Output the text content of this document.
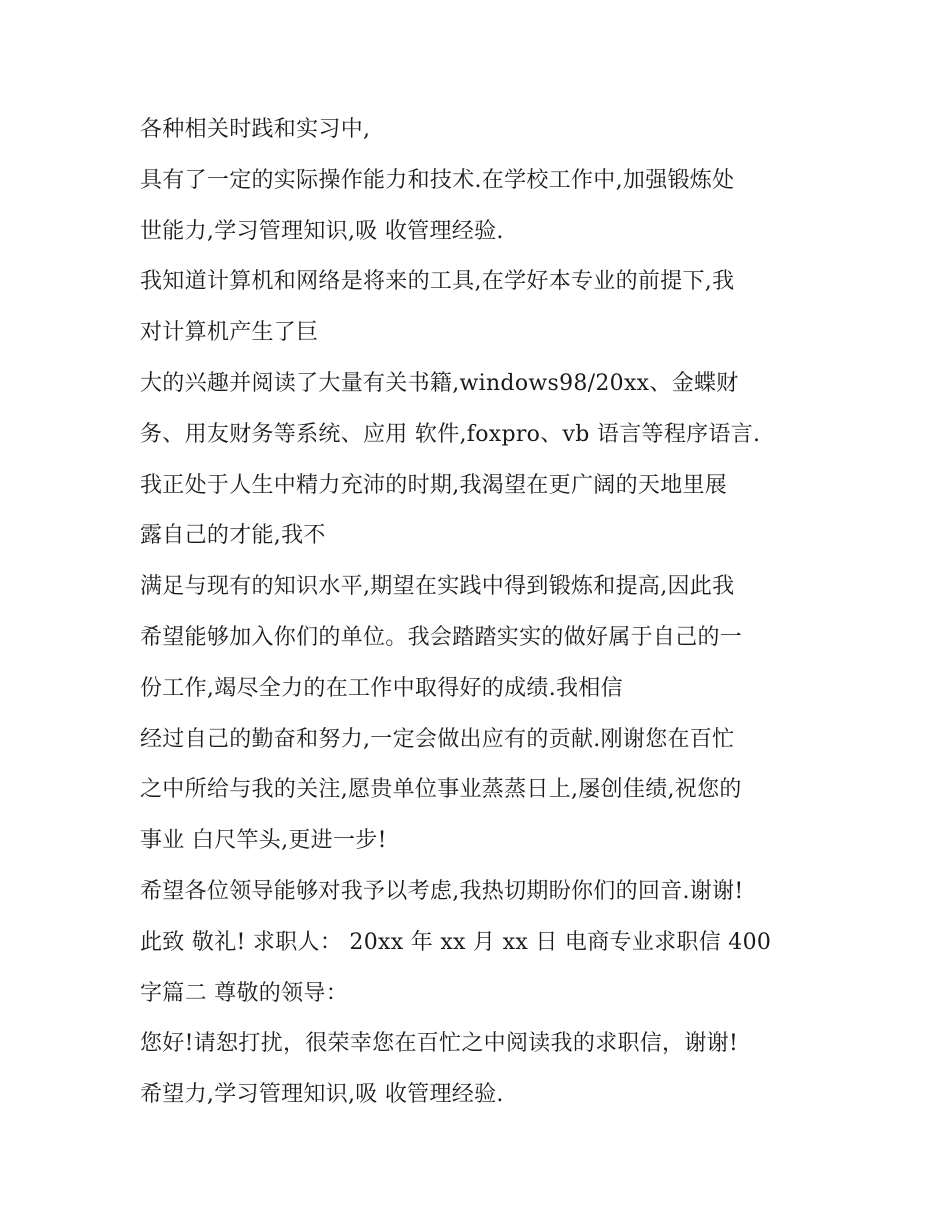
各种相关时践和实习中,
具有了一定的实际操作能力和技术.在学校工作中,加强锻炼处
世能力,学习管理知识,吸 收管理经验.
我知道计算机和网络是将来的工具,在学好本专业的前提下,我
对计算机产生了巨
大的兴趣并阅读了大量有关书籍,windows98/20xx、金蝶财
务、用友财务等系统、应用 软件,foxpro、vb 语言等程序语言.
我正处于人生中精力充沛的时期,我渴望在更广阔的天地里展
露自己的才能,我不
满足与现有的知识水平,期望在实践中得到锻炼和提高,因此我
希望能够加入你们的单位。我会踏踏实实的做好属于自己的一
份工作,竭尽全力的在工作中取得好的成绩.我相信
经过自己的勤奋和努力,一定会做出应有的贡献.刚谢您在百忙
之中所给与我的关注,愿贵单位事业蒸蒸日上,屡创佳绩,祝您的
事业 白尺竿头,更进一步!
希望各位领导能够对我予以考虑,我热切期盼你们的回音.谢谢!
此致 敬礼! 求职人： 20xx 年 xx 月 xx 日 电商专业求职信 400
字篇二 尊敬的领导：
您好!请恕打扰，很荣幸您在百忙之中阅读我的求职信，谢谢!
希望力,学习管理知识,吸 收管理经验.
